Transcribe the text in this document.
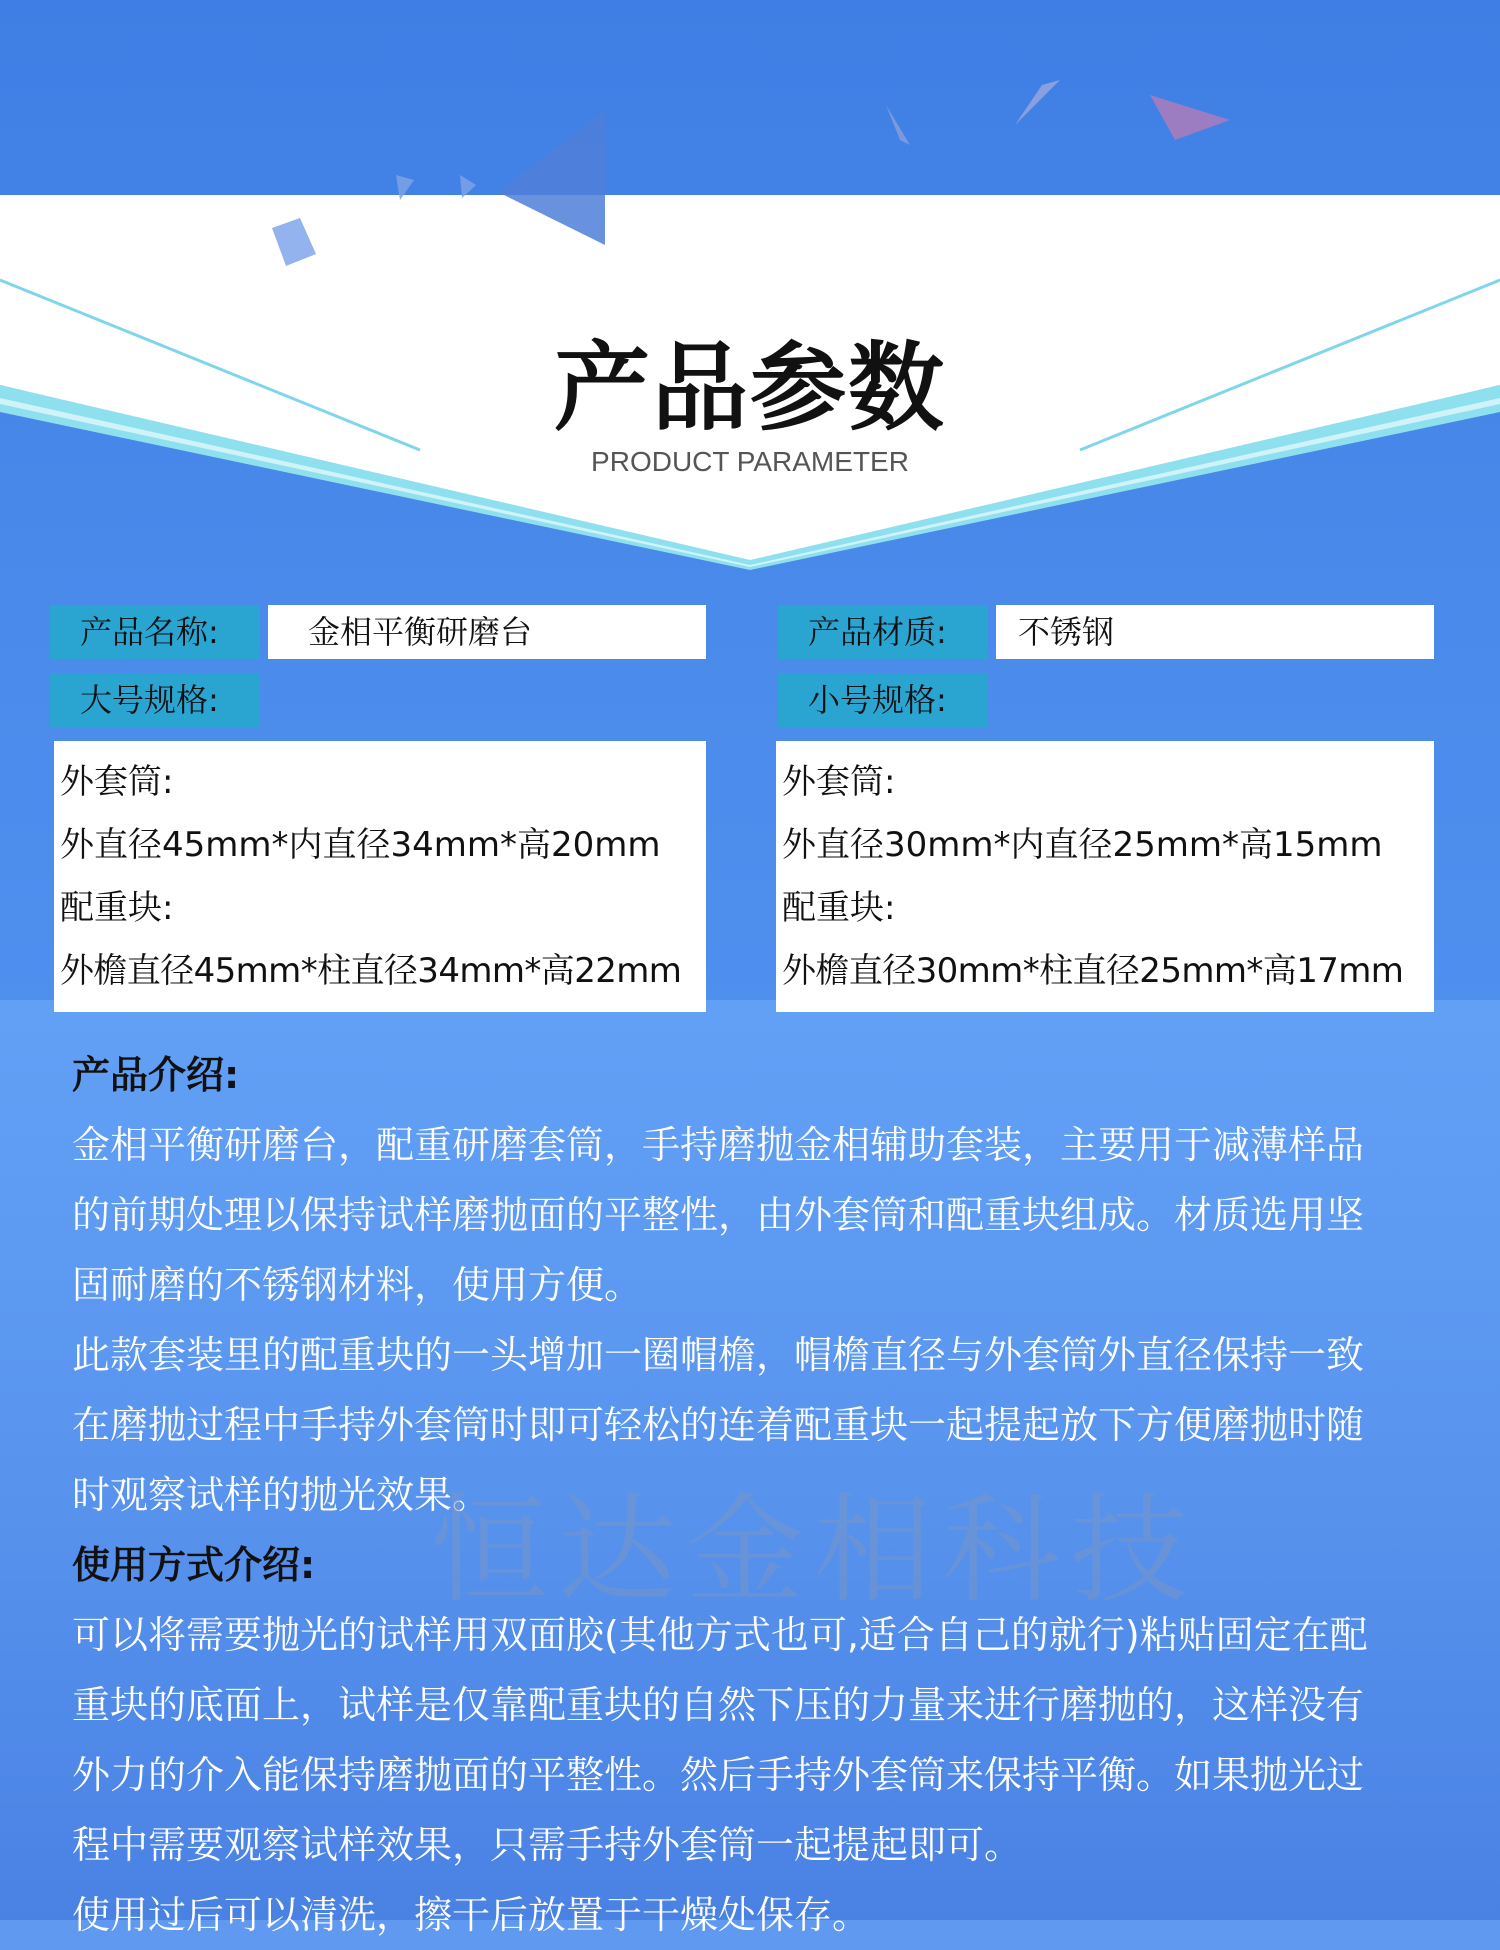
产品参数
PRODUCT PARAMETER
产品名称:	金相平衡研磨台	产品材质:	不锈钢
大号规格:	小号规格:
外套筒:
外直径45mm*内直径34mm*高20mm
配重块:
外檐直径45mm*柱直径34mm*高22mm
外套筒:
外直径30mm*内直径25mm*高15mm
配重块:
外檐直径30mm*柱直径25mm*高17mm

产品介绍:

金相平衡研磨台，配重研磨套筒，手持磨抛金相辅助套装，主要用于减薄样品

的前期处理以保持试样磨抛面的平整性，由外套筒和配重块组成。材质选用坚

固耐磨的不锈钢材料，使用方便。

此款套装里的配重块的一头增加一圈帽檐，帽檐直径与外套筒外直径保持一致

在磨抛过程中手持外套筒时即可轻松的连着配重块一起提起放下方便磨抛时随

时观察试样的抛光效果。

使用方式介绍:

可以将需要抛光的试样用双面胶(其他方式也可,适合自己的就行)粘贴固定在配

重块的底面上，试样是仅靠配重块的自然下压的力量来进行磨抛的，这样没有

外力的介入能保持磨抛面的平整性。然后手持外套筒来保持平衡。如果抛光过

程中需要观察试样效果，只需手持外套筒一起提起即可。

使用过后可以清洗，擦干后放置于干燥处保存。

恒达金相科技
